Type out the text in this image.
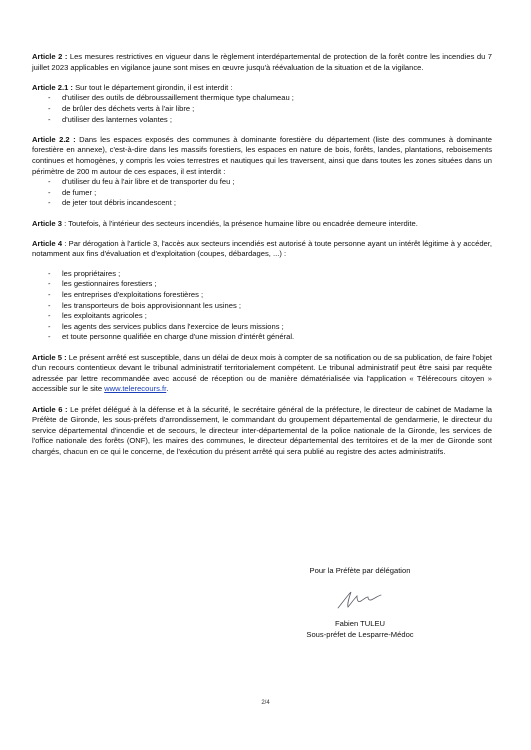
Article 2 : Les mesures restrictives en vigueur dans le règlement interdépartemental de protection de la forêt contre les incendies du 7 juillet 2023 applicables en vigilance jaune sont mises en œuvre jusqu'à réévaluation de la situation et de la vigilance.

Article 2.1 : Sur tout le département girondin, il est interdit :
- d'utiliser des outils de débroussaillement thermique type chalumeau ;
- de brûler des déchets verts à l'air libre ;
- d'utiliser des lanternes volantes ;

Article 2.2 : Dans les espaces exposés des communes à dominante forestière du département (liste des communes à dominante forestière en annexe), c'est-à-dire dans les massifs forestiers, les espaces en nature de bois, forêts, landes, plantations, reboisements continues et homogènes, y compris les voies terrestres et nautiques qui les traversent, ainsi que dans toutes les zones situées dans un périmètre de 200 m autour de ces espaces, il est interdit :

- d'utiliser du feu à l'air libre et de transporter du feu ;
- de fumer ;
- de jeter tout débris incandescent ;

Article 3 : Toutefois, à l'intérieur des secteurs incendiés, la présence humaine libre ou encadrée demeure interdite.

Article 4 : Par dérogation à l'article 3, l'accès aux secteurs incendiés est autorisé à toute personne ayant un intérêt légitime à y accéder, notamment aux fins d'évaluation et d'exploitation (coupes, débardages, ...) :

- les propriétaires ;
- les gestionnaires forestiers ;
- les entreprises d'exploitations forestières ;
- les transporteurs de bois approvisionnant les usines ;
- les exploitants agricoles ;
- les agents des services publics dans l'exercice de leurs missions ;
- et toute personne qualifiée en charge d'une mission d'intérêt général.

Article 5 : Le présent arrêté est susceptible, dans un délai de deux mois à compter de sa notification ou de sa publication, de faire l'objet d'un recours contentieux devant le tribunal administratif territorialement compétent. Le tribunal administratif peut être saisi par requête adressée par lettre recommandée avec accusé de réception ou de manière dématérialisée via l'application « Télérecours citoyen » accessible sur le site www.telerecours.fr.

Article 6 : Le préfet délégué à la défense et à la sécurité, le secrétaire général de la préfecture, le directeur de cabinet de Madame la Préfète de Gironde, les sous-préfets d'arrondissement, le commandant du groupement départemental de gendarmerie, le directeur du service départemental d'incendie et de secours, le directeur inter-départemental de la police nationale de la Gironde, les services de l'office nationale des forêts (ONF), les maires des communes, le directeur départemental des territoires et de la mer de Gironde sont chargés, chacun en ce qui le concerne, de l'exécution du présent arrêté qui sera publié au registre des actes administratifs.

Pour la Préfète par délégation
Fabien TULEU
Sous-préfet de Lesparre-Médoc
2/4
